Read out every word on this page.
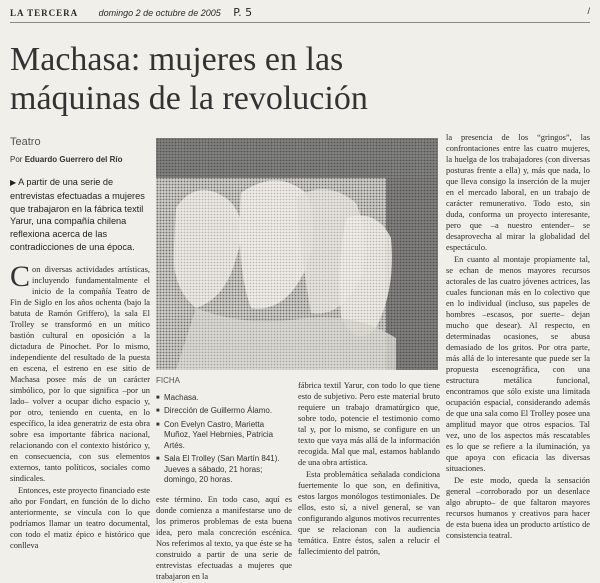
LA TERCERA domingo 2 de octubre de 2005 P. 5	/
Machasa: mujeres en las máquinas de la revolución
Teatro
Por Eduardo Guerrero del Río
▶ A partir de una serie de entrevistas efectuadas a mujeres que trabajaron en la fábrica textil Yarur, una compañía chilena reflexiona acerca de las contradicciones de una época.

Con diversas actividades artísticas, incluyendo fundamentalmente el inicio de la compañía Teatro de Fin de Siglo en los años ochenta (bajo la batuta de Ramón Griffero), la sala El Trolley se transformó en un mítico bastión cultural en oposición a la dictadura de Pinochet. Por lo mismo, independiente del resultado de la puesta en escena, el estreno en ese sitio de Machasa posee más de un carácter simbólico, por lo que significa –por un lado– volver a ocupar dicho espacio y, por otro, teniendo en cuenta, en lo específico, la idea generatriz de esta obra sobre esa importante fábrica nacional, relacionando con el contexto histórico y, en consecuencia, con sus elementos externos, tanto políticos, sociales como sindicales.

Entonces, este proyecto financiado este año por Fondart, en función de lo dicho anteriormente, se vincula con lo que podríamos llamar un teatro documental, con todo el matiz épico e histórico que conlleva

FICHA
■ Machasa.
■ Dirección de Guillermo Álamo.
■ Con Evelyn Castro, Marietta Muñoz, Yael Hebrnies, Patricia Artés.
■ Sala El Trolley (San Martín 841). Jueves a sábado, 21 horas; domingo, 20 horas.

este término. En todo caso, aquí es donde comienza a manifestarse uno de los primeros problemas de esta buena idea, pero mala concreción escénica. Nos referimos al texto, ya que éste se ha construido a partir de una serie de entrevistas efectuadas a mujeres que trabajaron en la

fábrica textil Yarur, con todo lo que tiene esto de subjetivo. Pero este material bruto requiere un trabajo dramatúrgico que, sobre todo, potencie el testimonio como tal y, por lo mismo, se configure en un texto que vaya más allá de la información recogida. Mal que mal, estamos hablando de una obra artística.

Esta problemática señalada condiciona fuertemente lo que son, en definitiva, estos largos monólogos testimoniales. De ellos, esto sí, a nivel general, se van configurando algunos motivos recurrentes que se relacionan con la audiencia temática. Entre éstos, salen a relucir el fallecimiento del patrón,

la presencia de los “gringos”, las confrontaciones entre las cuatro mujeres, la huelga de los trabajadores (con diversas posturas frente a ella) y, más que nada, lo que lleva consigo la inserción de la mujer en el mercado laboral, en un trabajo de carácter remunerativo. Todo esto, sin duda, conforma un proyecto interesante, pero que –a nuestro entender– se desaprovecha al mirar la globalidad del espectáculo.

En cuanto al montaje propiamente tal, se echan de menos mayores recursos actorales de las cuatro jóvenes actrices, las cuales funcionan más en lo colectivo que en lo individual (incluso, sus papeles de hombres –escasos, por suerte– dejan mucho que desear). Al respecto, en determinadas ocasiones, se abusa demasiado de los gritos. Por otra parte, más allá de lo interesante que puede ser la propuesta escenográfica, con una estructura metálica funcional, encontramos que sólo existe una limitada ocupación espacial, considerando además de que una sala como El Trolley posee una amplitud mayor que otros espacios. Tal vez, uno de los aspectos más rescatables es lo que se refiere a la iluminación, ya que apoya con eficacia las diversas situaciones.

De este modo, queda la sensación general –corroborado por un desenlace algo abrupto– de que faltaron mayores recursos humanos y creativos para hacer de esta buena idea un producto artístico de consistencia teatral.
